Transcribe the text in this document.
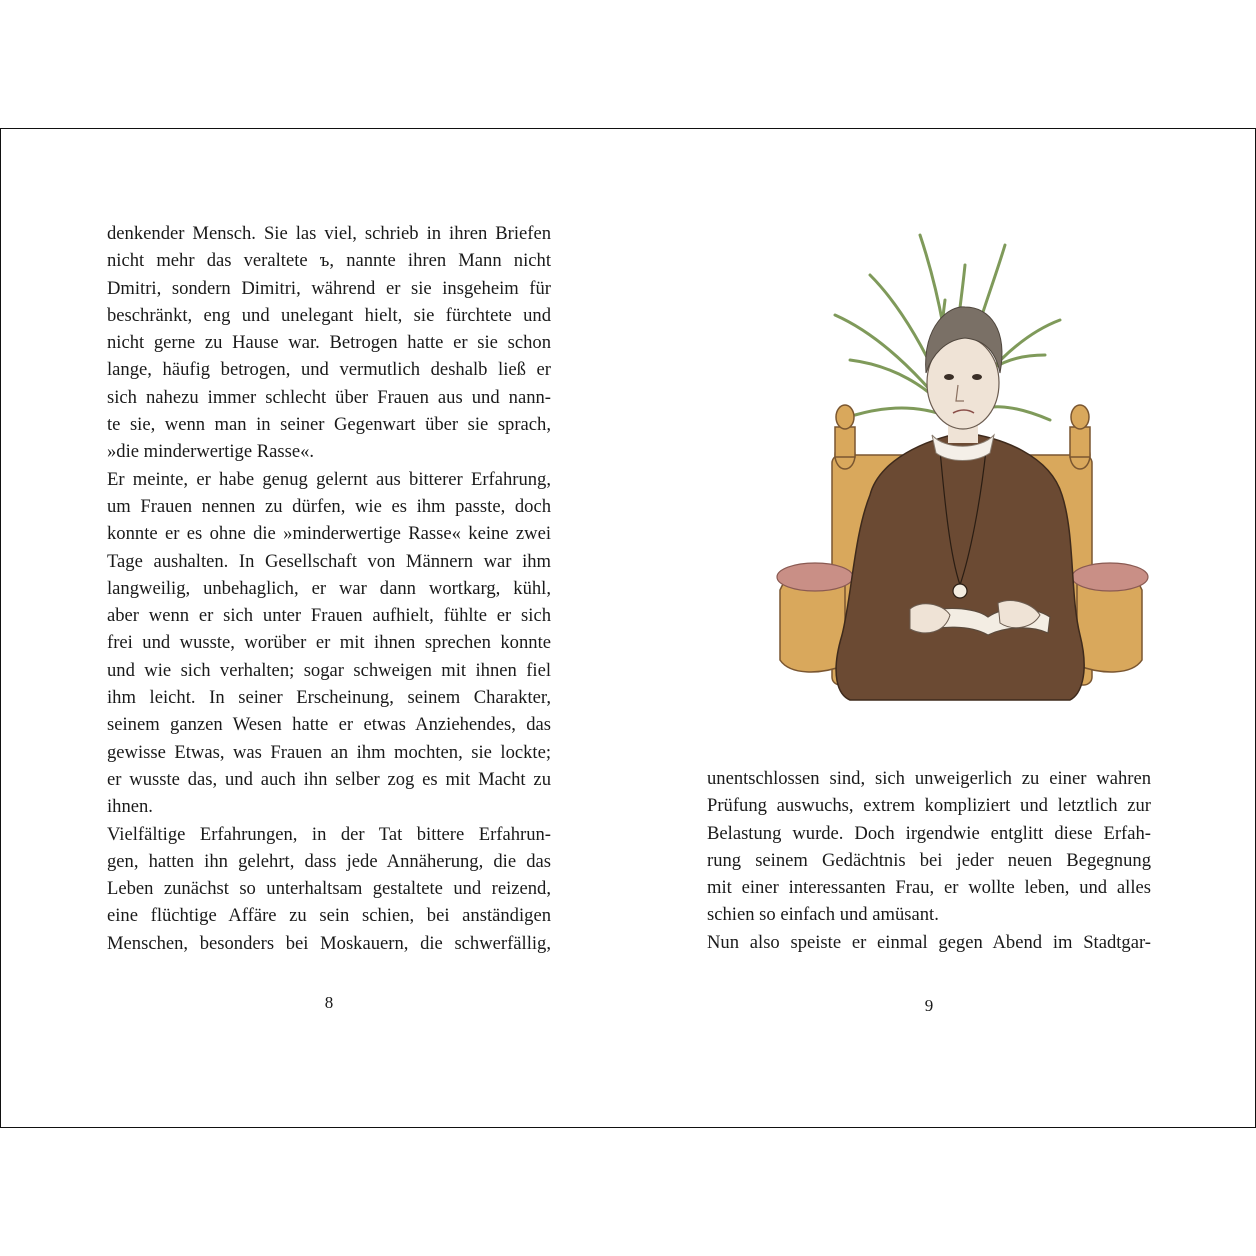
denkender Mensch. Sie las viel, schrieb in ihren Briefen
nicht mehr das veraltete ъ, nannte ihren Mann nicht
Dmitri, sondern Dimitri, während er sie insgeheim für
beschränkt, eng und unelegant hielt, sie fürchtete und
nicht gerne zu Hause war. Betrogen hatte er sie schon
lange, häufig betrogen, und vermutlich deshalb ließ er
sich nahezu immer schlecht über Frauen aus und nann-
te sie, wenn man in seiner Gegenwart über sie sprach,
»die minderwertige Rasse«.
Er meinte, er habe genug gelernt aus bitterer Erfahrung,
um Frauen nennen zu dürfen, wie es ihm passte, doch
konnte er es ohne die »minderwertige Rasse« keine zwei
Tage aushalten. In Gesellschaft von Männern war ihm
langweilig, unbehaglich, er war dann wortkarg, kühl,
aber wenn er sich unter Frauen aufhielt, fühlte er sich
frei und wusste, worüber er mit ihnen sprechen konnte
und wie sich verhalten; sogar schweigen mit ihnen fiel
ihm leicht. In seiner Erscheinung, seinem Charakter,
seinem ganzen Wesen hatte er etwas Anziehendes, das
gewisse Etwas, was Frauen an ihm mochten, sie lockte;
er wusste das, und auch ihn selber zog es mit Macht zu
ihnen.
Vielfältige Erfahrungen, in der Tat bittere Erfahrun-
gen, hatten ihn gelehrt, dass jede Annäherung, die das
Leben zunächst so unterhaltsam gestaltete und reizend,
eine flüchtige Affäre zu sein schien, bei anständigen
Menschen, besonders bei Moskauern, die schwerfällig,
8
unentschlossen sind, sich unweigerlich zu einer wahren
Prüfung auswuchs, extrem kompliziert und letztlich zur
Belastung wurde. Doch irgendwie entglitt diese Erfah-
rung seinem Gedächtnis bei jeder neuen Begegnung
mit einer interessanten Frau, er wollte leben, und alles
schien so einfach und amüsant.
Nun also speiste er einmal gegen Abend im Stadtgar-
9
